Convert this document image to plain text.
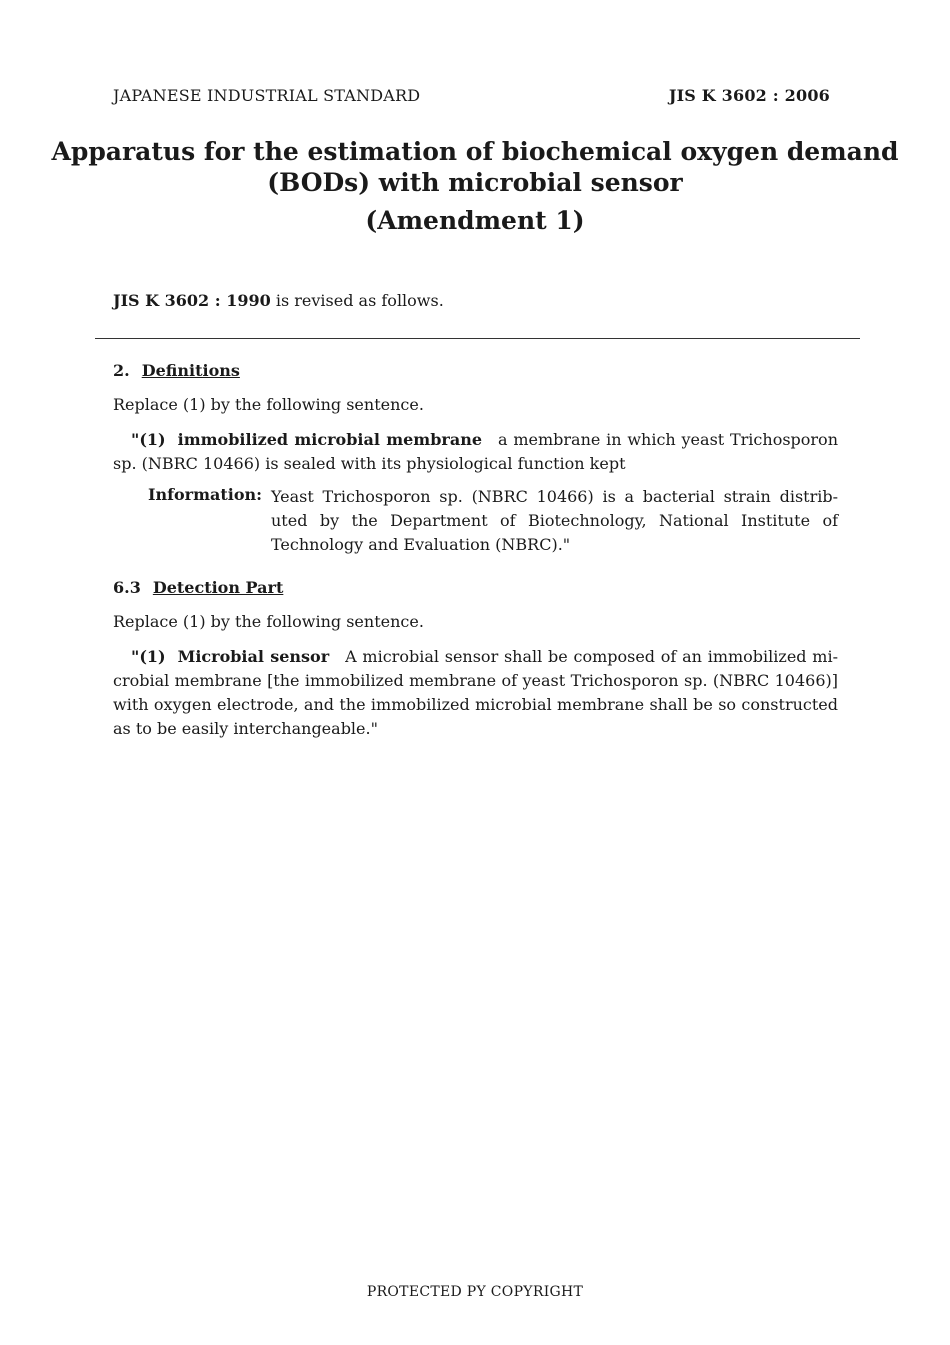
JAPANESE INDUSTRIAL STANDARD	JIS K 3602 : 2006
Apparatus for the estimation of biochemical oxygen demand
(BODs) with microbial sensor
(Amendment 1)
JIS K 3602 : 1990 is revised as follows.
2. Definitions
Replace (1) by the following sentence.
"(1) immobilized microbial membrane a membrane in which yeast Trichosporon sp. (NBRC 10466) is sealed with its physiological function kept
Information: Yeast Trichosporon sp. (NBRC 10466) is a bacterial strain distrib-uted by the Department of Biotechnology, National Institute of Technology and Evaluation (NBRC)."
6.3 Detection Part
Replace (1) by the following sentence.
"(1) Microbial sensor A microbial sensor shall be composed of an immobilized mi-crobial membrane [the immobilized membrane of yeast Trichosporon sp. (NBRC 10466)] with oxygen electrode, and the immobilized microbial membrane shall be so constructed as to be easily interchangeable."
PROTECTED PY COPYRIGHT
